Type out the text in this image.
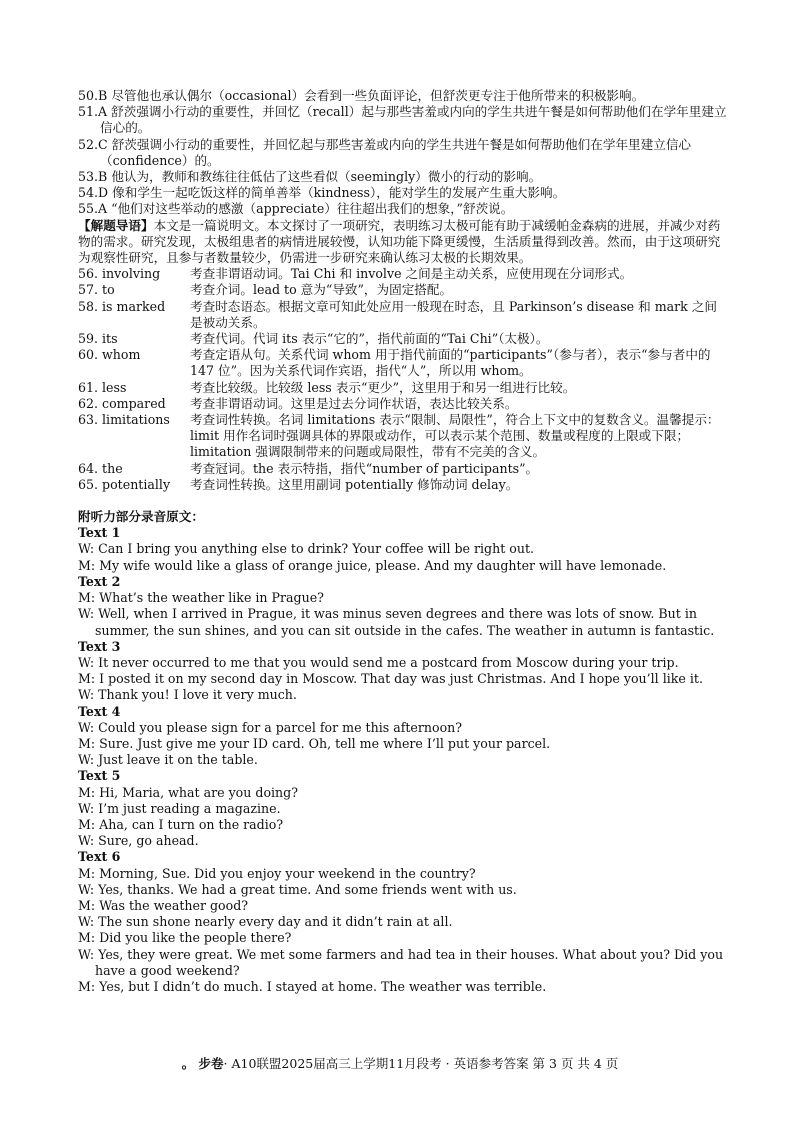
50.B 尽管他也承认偶尔（occasional）会看到一些负面评论，但舒茨更专注于他所带来的积极影响。
51.A 舒茨强调小行动的重要性，并回忆（recall）起与那些害羞或内向的学生共进午餐是如何帮助他们在学年里建立信心的。
52.C 舒茨强调小行动的重要性，并回忆起与那些害羞或内向的学生共进午餐是如何帮助他们在学年里建立信心（confidence）的。
53.B 他认为，教师和教练往往低估了这些看似（seemingly）微小的行动的影响。
54.D 像和学生一起吃饭这样的简单善举（kindness），能对学生的发展产生重大影响。
55.A “他们对这些举动的感激（appreciate）往往超出我们的想象，”舒茨说。
【解题导语】本文是一篇说明文。本文探讨了一项研究，表明练习太极可能有助于减缓帕金森病的进展，并减少对药物的需求。研究发现，太极组患者的病情进展较慢，认知功能下降更缓慢，生活质量得到改善。然而，由于这项研究为观察性研究，且参与者数量较少，仍需进一步研究来确认练习太极的长期效果。
56. involving	考查非谓语动词。Tai Chi 和 involve 之间是主动关系，应使用现在分词形式。
57. to	考查介词。lead to 意为“导致”，为固定搭配。
58. is marked	考查时态语态。根据文章可知此处应用一般现在时态，且 Parkinson’s disease 和 mark 之间是被动关系。
59. its	考查代词。代词 its 表示“它的”，指代前面的“Tai Chi”（太极）。
60. whom	考查定语从句。关系代词 whom 用于指代前面的“participants”（参与者），表示“参与者中的 147 位”。因为关系代词作宾语，指代“人”，所以用 whom。
61. less	考查比较级。比较级 less 表示“更少”，这里用于和另一组进行比较。
62. compared	考查非谓语动词。这里是过去分词作状语，表达比较关系。
63. limitations	考查词性转换。名词 limitations 表示“限制、局限性”，符合上下文中的复数含义。温馨提示：limit 用作名词时强调具体的界限或动作，可以表示某个范围、数量或程度的上限或下限；limitation 强调限制带来的问题或局限性，带有不完美的含义。
64. the	考查冠词。the 表示特指，指代“number of participants”。
65. potentially	考查词性转换。这里用副词 potentially 修饰动词 delay。
附听力部分录音原文：
Text 1
W: Can I bring you anything else to drink? Your coffee will be right out.
M: My wife would like a glass of orange juice, please. And my daughter will have lemonade.
Text 2
M: What’s the weather like in Prague?
W: Well, when I arrived in Prague, it was minus seven degrees and there was lots of snow. But in summer, the sun shines, and you can sit outside in the cafes. The weather in autumn is fantastic.
Text 3
W: It never occurred to me that you would send me a postcard from Moscow during your trip.
M: I posted it on my second day in Moscow. That day was just Christmas. And I hope you’ll like it.
W: Thank you! I love it very much.
Text 4
W: Could you please sign for a parcel for me this afternoon?
M: Sure. Just give me your ID card. Oh, tell me where I’ll put your parcel.
W: Just leave it on the table.
Text 5
M: Hi, Maria, what are you doing?
W: I’m just reading a magazine.
M: Aha, can I turn on the radio?
W: Sure, go ahead.
Text 6
M: Morning, Sue. Did you enjoy your weekend in the country?
W: Yes, thanks. We had a great time. And some friends went with us.
M: Was the weather good?
W: The sun shone nearly every day and it didn’t rain at all.
M: Did you like the people there?
W: Yes, they were great. We met some farmers and had tea in their houses. What about you? Did you have a good weekend?
M: Yes, but I didn’t do much. I stayed at home. The weather was terrible.
。 步卷· A10联盟2025届高三上学期11月段考 · 英语参考答案 第 3 页 共 4 页
